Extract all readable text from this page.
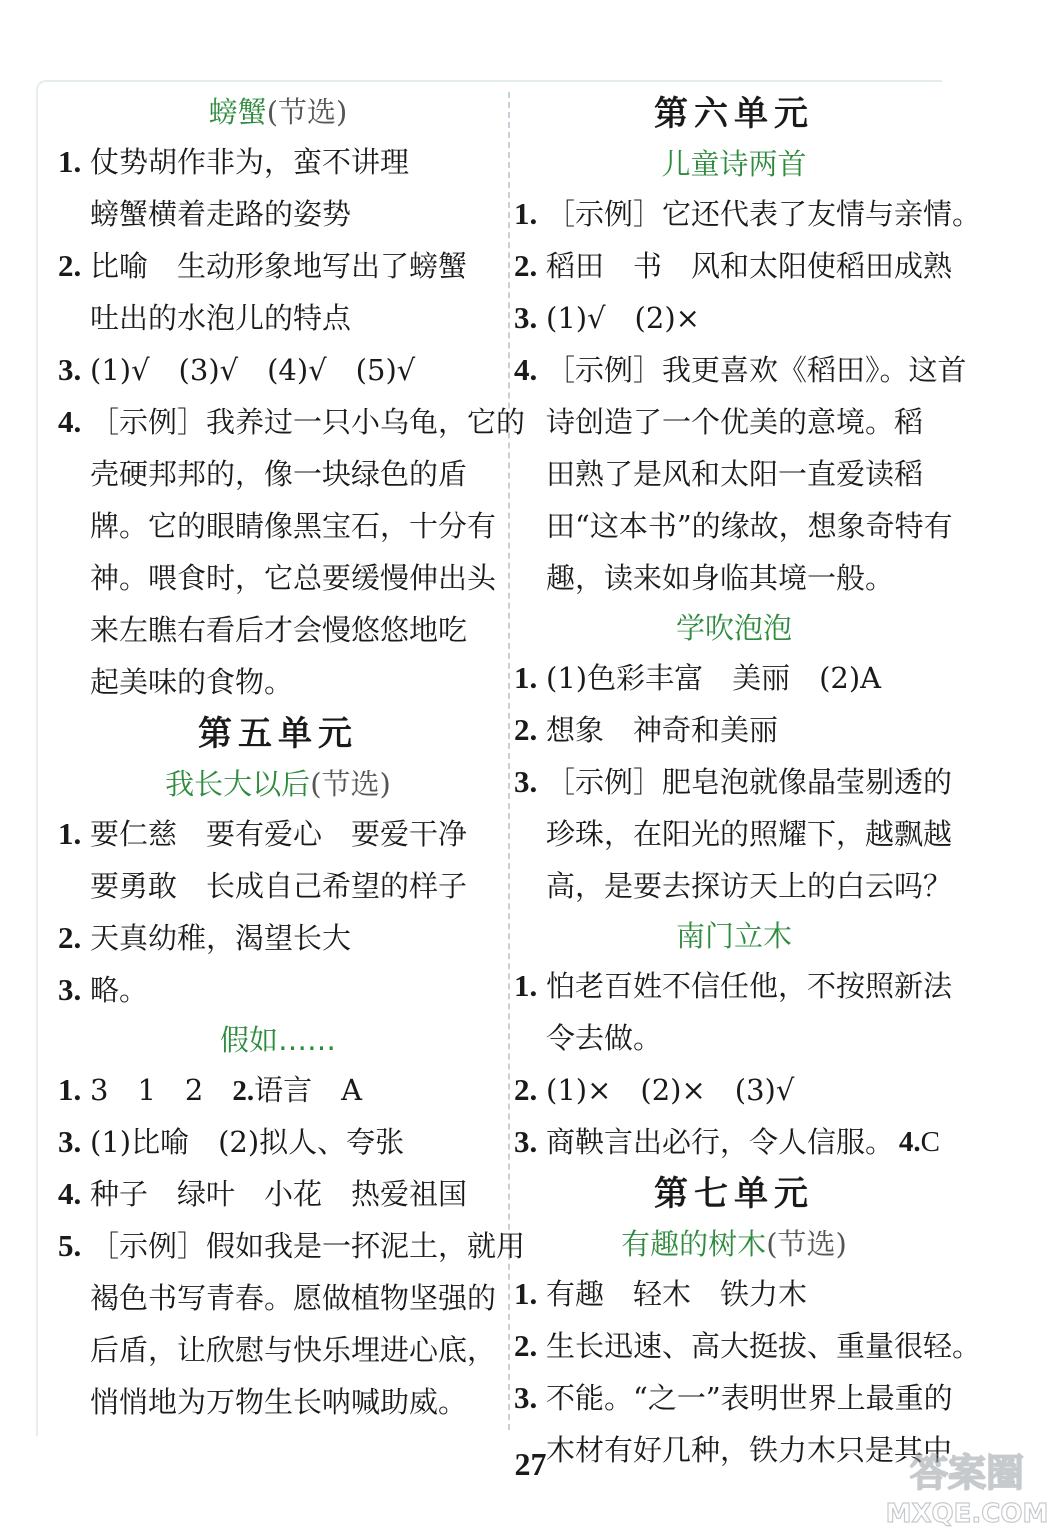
螃蟹(节选)
1. 仗势胡作非为，蛮不讲理
螃蟹横着走路的姿势
2. 比喻　生动形象地写出了螃蟹
吐出的水泡儿的特点
3. (1)√　(3)√　(4)√　(5)√
4. ［示例］我养过一只小乌龟，它的
壳硬邦邦的，像一块绿色的盾
牌。它的眼睛像黑宝石，十分有
神。喂食时，它总要缓慢伸出头
来左瞧右看后才会慢悠悠地吃
起美味的食物。
第五单元
我长大以后(节选)
1. 要仁慈　要有爱心　要爱干净
要勇敢　长成自己希望的样子
2. 天真幼稚，渴望长大
3. 略。
假如……
1. 3　1　2　2.语言　A
3. (1)比喻　(2)拟人、夸张
4. 种子　绿叶　小花　热爱祖国
5. ［示例］假如我是一抔泥土，就用
褐色书写青春。愿做植物坚强的
后盾，让欣慰与快乐埋进心底，
悄悄地为万物生长呐喊助威。
第六单元
儿童诗两首
1. ［示例］它还代表了友情与亲情。
2. 稻田　书　风和太阳使稻田成熟
3. (1)√　(2)×
4. ［示例］我更喜欢《稻田》。这首
诗创造了一个优美的意境。稻
田熟了是风和太阳一直爱读稻
田“这本书”的缘故，想象奇特有
趣，读来如身临其境一般。
学吹泡泡
1. (1)色彩丰富　美丽　(2)A
2. 想象　神奇和美丽
3. ［示例］肥皂泡就像晶莹剔透的
珍珠，在阳光的照耀下，越飘越
高，是要去探访天上的白云吗？
南门立木
1. 怕老百姓不信任他，不按照新法
令去做。
2. (1)×　(2)×　(3)√
3. 商鞅言出必行，令人信服。 4.C
第七单元
有趣的树木(节选)
1. 有趣　轻木　铁力木
2. 生长迅速、高大挺拔、重量很轻。
3. 不能。“之一”表明世界上最重的
木材有好几种，铁力木只是其中
27	答案圈
MXQE.COM
